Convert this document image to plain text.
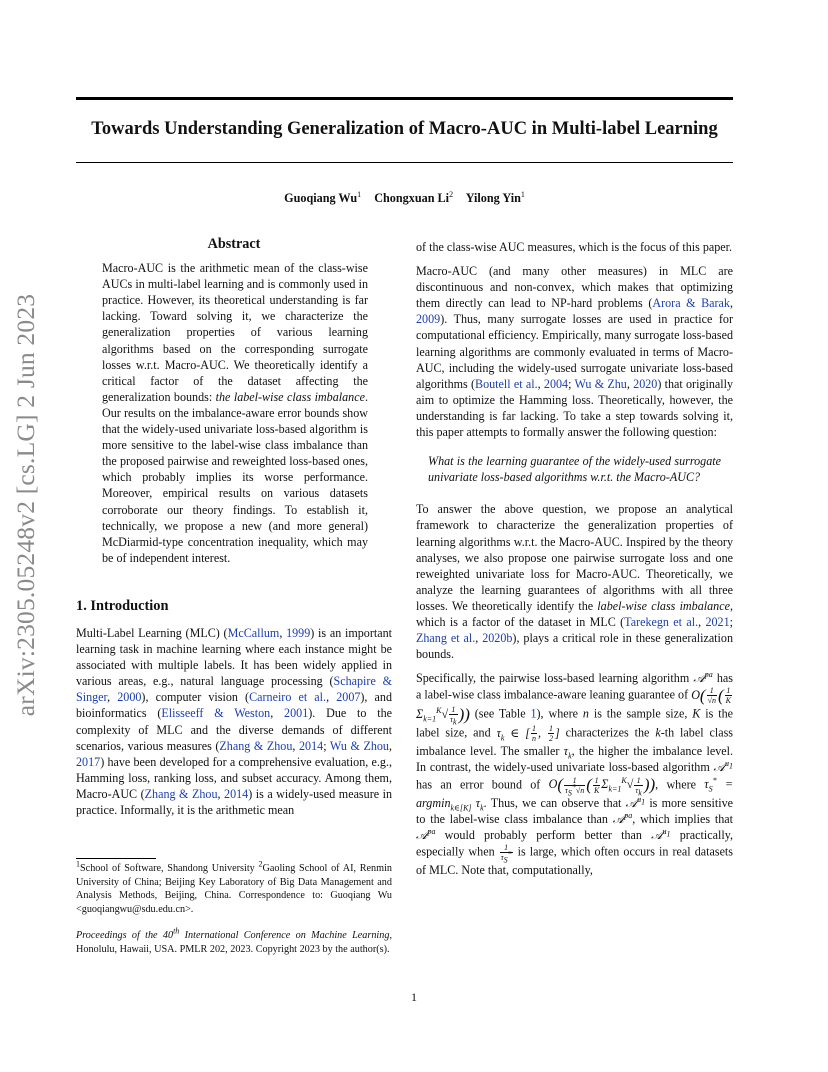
arXiv:2305.05248v2 [cs.LG] 2 Jun 2023
Towards Understanding Generalization of Macro-AUC in Multi-label Learning
Guoqiang Wu$^1$ Chongxuan Li$^2$ Yilong Yin$^1$
Abstract
Macro-AUC is the arithmetic mean of the class-wise AUCs in multi-label learning and is commonly used in practice. However, its theoretical understanding is far lacking. Toward solving it, we characterize the generalization properties of various learning algorithms based on the corresponding surrogate losses w.r.t. Macro-AUC. We theoretically identify a critical factor of the dataset affecting the generalization bounds: the label-wise class imbalance. Our results on the imbalance-aware error bounds show that the widely-used univariate loss-based algorithm is more sensitive to the label-wise class imbalance than the proposed pairwise and reweighted loss-based ones, which probably implies its worse performance. Moreover, empirical results on various datasets corroborate our theory findings. To establish it, technically, we propose a new (and more general) McDiarmid-type concentration inequality, which may be of independent interest.
1. Introduction

Multi-Label Learning (MLC) (McCallum, 1999) is an important learning task in machine learning where each instance might be associated with multiple labels. It has been widely applied in various areas, e.g., natural language processing (Schapire & Singer, 2000), computer vision (Carneiro et al., 2007), and bioinformatics (Elisseeff & Weston, 2001). Due to the complexity of MLC and the diverse demands of different scenarios, various measures (Zhang & Zhou, 2014; Wu & Zhou, 2017) have been developed for a comprehensive evaluation, e.g., Hamming loss, ranking loss, and subset accuracy. Among them, Macro-AUC (Zhang & Zhou, 2014) is a widely-used measure in practice. Informally, it is the arithmetic mean

$^1$School of Software, Shandong University $^2$Gaoling School of AI, Renmin University of China; Beijing Key Laboratory of Big Data Management and Analysis Methods, Beijing, China. Correspondence to: Guoqiang Wu <guoqiangwu@sdu.edu.cn>.

Proceedings of the 40th International Conference on Machine Learning, Honolulu, Hawaii, USA. PMLR 202, 2023. Copyright 2023 by the author(s).

of the class-wise AUC measures, which is the focus of this paper.

Macro-AUC (and many other measures) in MLC are discontinuous and non-convex, which makes that optimizing them directly can lead to NP-hard problems (Arora & Barak, 2009). Thus, many surrogate losses are used in practice for computational efficiency. Empirically, many surrogate loss-based learning algorithms are commonly evaluated in terms of Macro-AUC, including the widely-used surrogate univariate loss-based algorithms (Boutell et al., 2004; Wu & Zhu, 2020) that originally aim to optimize the Hamming loss. Theoretically, however, the understanding is far lacking. To take a step towards solving it, this paper attempts to formally answer the following question:

What is the learning guarantee of the widely-used surrogate univariate loss-based algorithms w.r.t. the Macro-AUC?

To answer the above question, we propose an analytical framework to characterize the generalization properties of learning algorithms w.r.t. the Macro-AUC. Inspired by the theory analyses, we also propose one pairwise surrogate loss and one reweighted univariate loss for Macro-AUC. Theoretically, we analyze the learning guarantees of algorithms with all three losses. We theoretically identify the label-wise class imbalance, which is a factor of the dataset in MLC (Tarekegn et al., 2021; Zhang et al., 2020b), plays a critical role in these generalization bounds.

Specifically, the pairwise loss-based learning algorithm 𝒜$^{pa}$ has a label-wise class imbalance-aware leaning guarantee of $O( \frac{1}{√n}$ ( $\frac{1}{K}$
$\Sigma_{k=1}^K√ \frac{1}{\tau_k}$ )) (see Table 1), where n is the sample size, K is the label size, and $\tau_k$ ∈ [ $\frac{1}{n}$ , $\frac{1}{2}$ ] characterizes the k-th label class imbalance level. The smaller $\tau_k$, the higher the imbalance level. In contrast, the widely-used univariate loss-based algorithm 𝒜$^{u_1}$ has an error bound of $O( \frac{1}{\tau_S^*√n}$ ( $\frac{1}{K} \Sigma_{k=1}^K√ \frac{1}{\tau_k}$ )), where $\tau_S^* = argmin_{k\in[K]}$ $\tau_k$. Thus, we can observe that 𝒜$^{u_1}$ is more sensitive to the label-wise class imbalance than 𝒜$^{pa}$, which implies that 𝒜$^{pa}$ would probably perform better than 𝒜$^{u_1}$ practically, especially when $\frac{1}{\tau_S^*}$ is large, which often occurs in real datasets of MLC. Note that, computationally,

1
